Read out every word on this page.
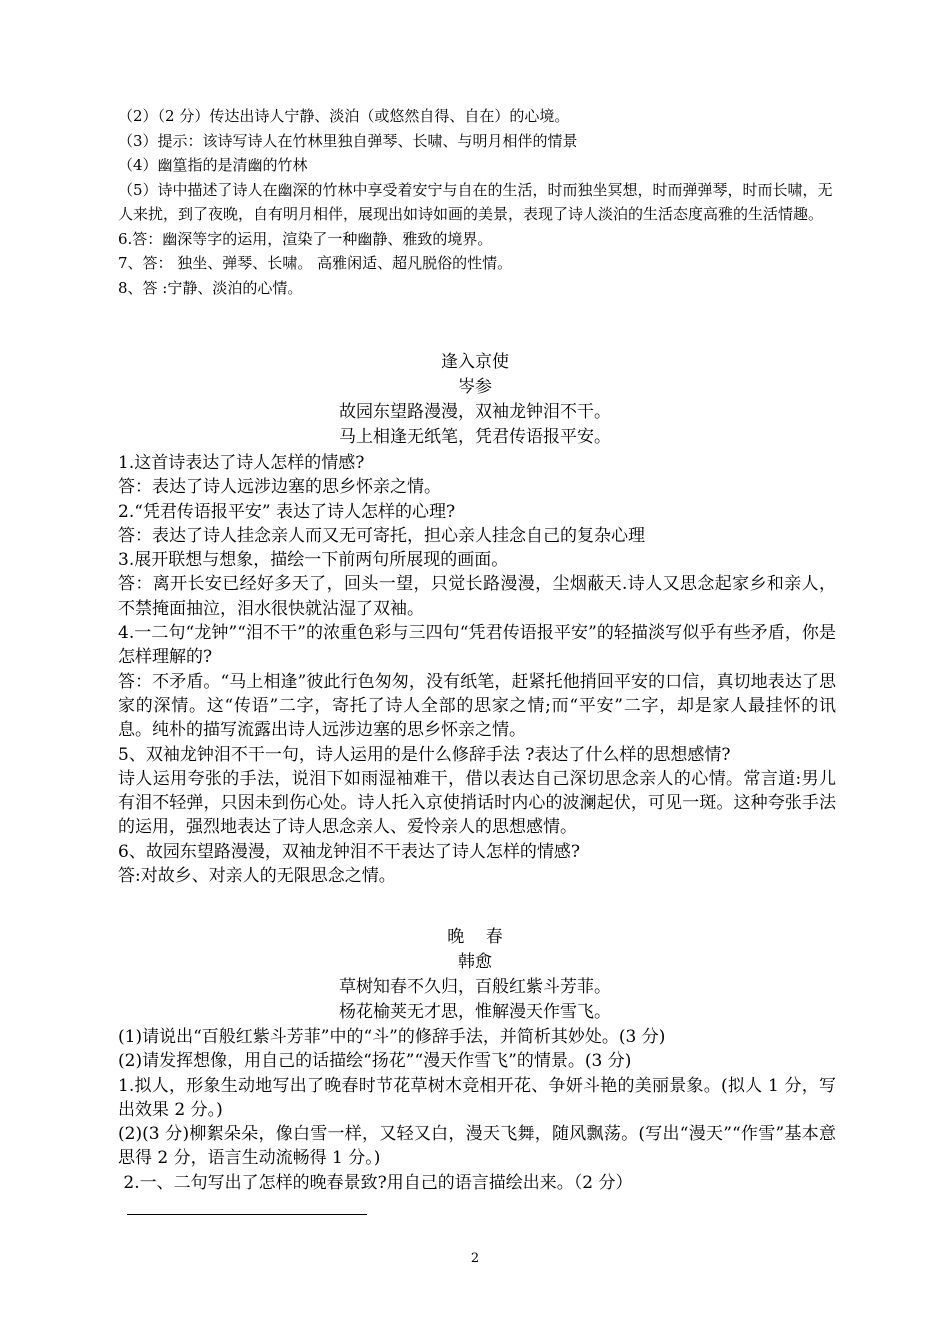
（2）（2 分）传达出诗人宁静、淡泊（或悠然自得、自在）的心境。

（3）提示：该诗写诗人在竹林里独自弹琴、长啸、与明月相伴的情景

（4）幽篁指的是清幽的竹林

（5）诗中描述了诗人在幽深的竹林中享受着安宁与自在的生活，时而独坐冥想，时而弹弹琴，时而长啸，无人来扰，到了夜晚，自有明月相伴，展现出如诗如画的美景，表现了诗人淡泊的生活态度高雅的生活情趣。

6.答：幽深等字的运用，渲染了一种幽静、雅致的境界。

7、答： 独坐、弹琴、长啸。 高雅闲适、超凡脱俗的性情。

8、答 :宁静、淡泊的心情。

逢入京使

岑参

故园东望路漫漫，双袖龙钟泪不干。

马上相逢无纸笔，凭君传语报平安。

1.这首诗表达了诗人怎样的情感?

答：表达了诗人远涉边塞的思乡怀亲之情。

2.“凭君传语报平安” 表达了诗人怎样的心理?

答：表达了诗人挂念亲人而又无可寄托，担心亲人挂念自己的复杂心理

3.展开联想与想象，描绘一下前两句所展现的画面。

答：离开长安已经好多天了，回头一望，只觉长路漫漫，尘烟蔽天.诗人又思念起家乡和亲人，不禁掩面抽泣，泪水很快就沾湿了双袖。

4.一二句“龙钟”“泪不干”的浓重色彩与三四句“凭君传语报平安”的轻描淡写似乎有些矛盾，你是怎样理解的?

答：不矛盾。“马上相逢”彼此行色匆匆，没有纸笔，赶紧托他捎回平安的口信，真切地表达了思家的深情。这“传语”二字，寄托了诗人全部的思家之情;而“平安”二字，却是家人最挂怀的讯息。纯朴的描写流露出诗人远涉边塞的思乡怀亲之情。

5、双袖龙钟泪不干一句，诗人运用的是什么修辞手法 ?表达了什么样的思想感情?

诗人运用夸张的手法，说泪下如雨湿袖难干，借以表达自己深切思念亲人的心情。常言道:男儿有泪不轻弹，只因未到伤心处。诗人托入京使捎话时内心的波澜起伏，可见一斑。这种夸张手法的运用，强烈地表达了诗人思念亲人、爱怜亲人的思想感情。

6、故园东望路漫漫，双袖龙钟泪不干表达了诗人怎样的情感?

答:对故乡、对亲人的无限思念之情。

晚    春

韩愈

草树知春不久归，百般红紫斗芳菲。

杨花榆荚无才思，惟解漫天作雪飞。

(1)请说出“百般红紫斗芳菲”中的“斗”的修辞手法，并简析其妙处。(3 分)

(2)请发挥想像，用自己的话描绘“扬花”“漫天作雪飞”的情景。(3 分)

1.拟人，形象生动地写出了晚春时节花草树木竞相开花、争妍斗艳的美丽景象。(拟人 1 分，写出效果 2 分。)

(2)(3 分)柳絮朵朵，像白雪一样，又轻又白，漫天飞舞，随风飘荡。(写出“漫天”“作雪”基本意思得 2 分，语言生动流畅得 1 分。)

2.一、二句写出了怎样的晚春景致?用自己的语言描绘出来。（2 分）

2
